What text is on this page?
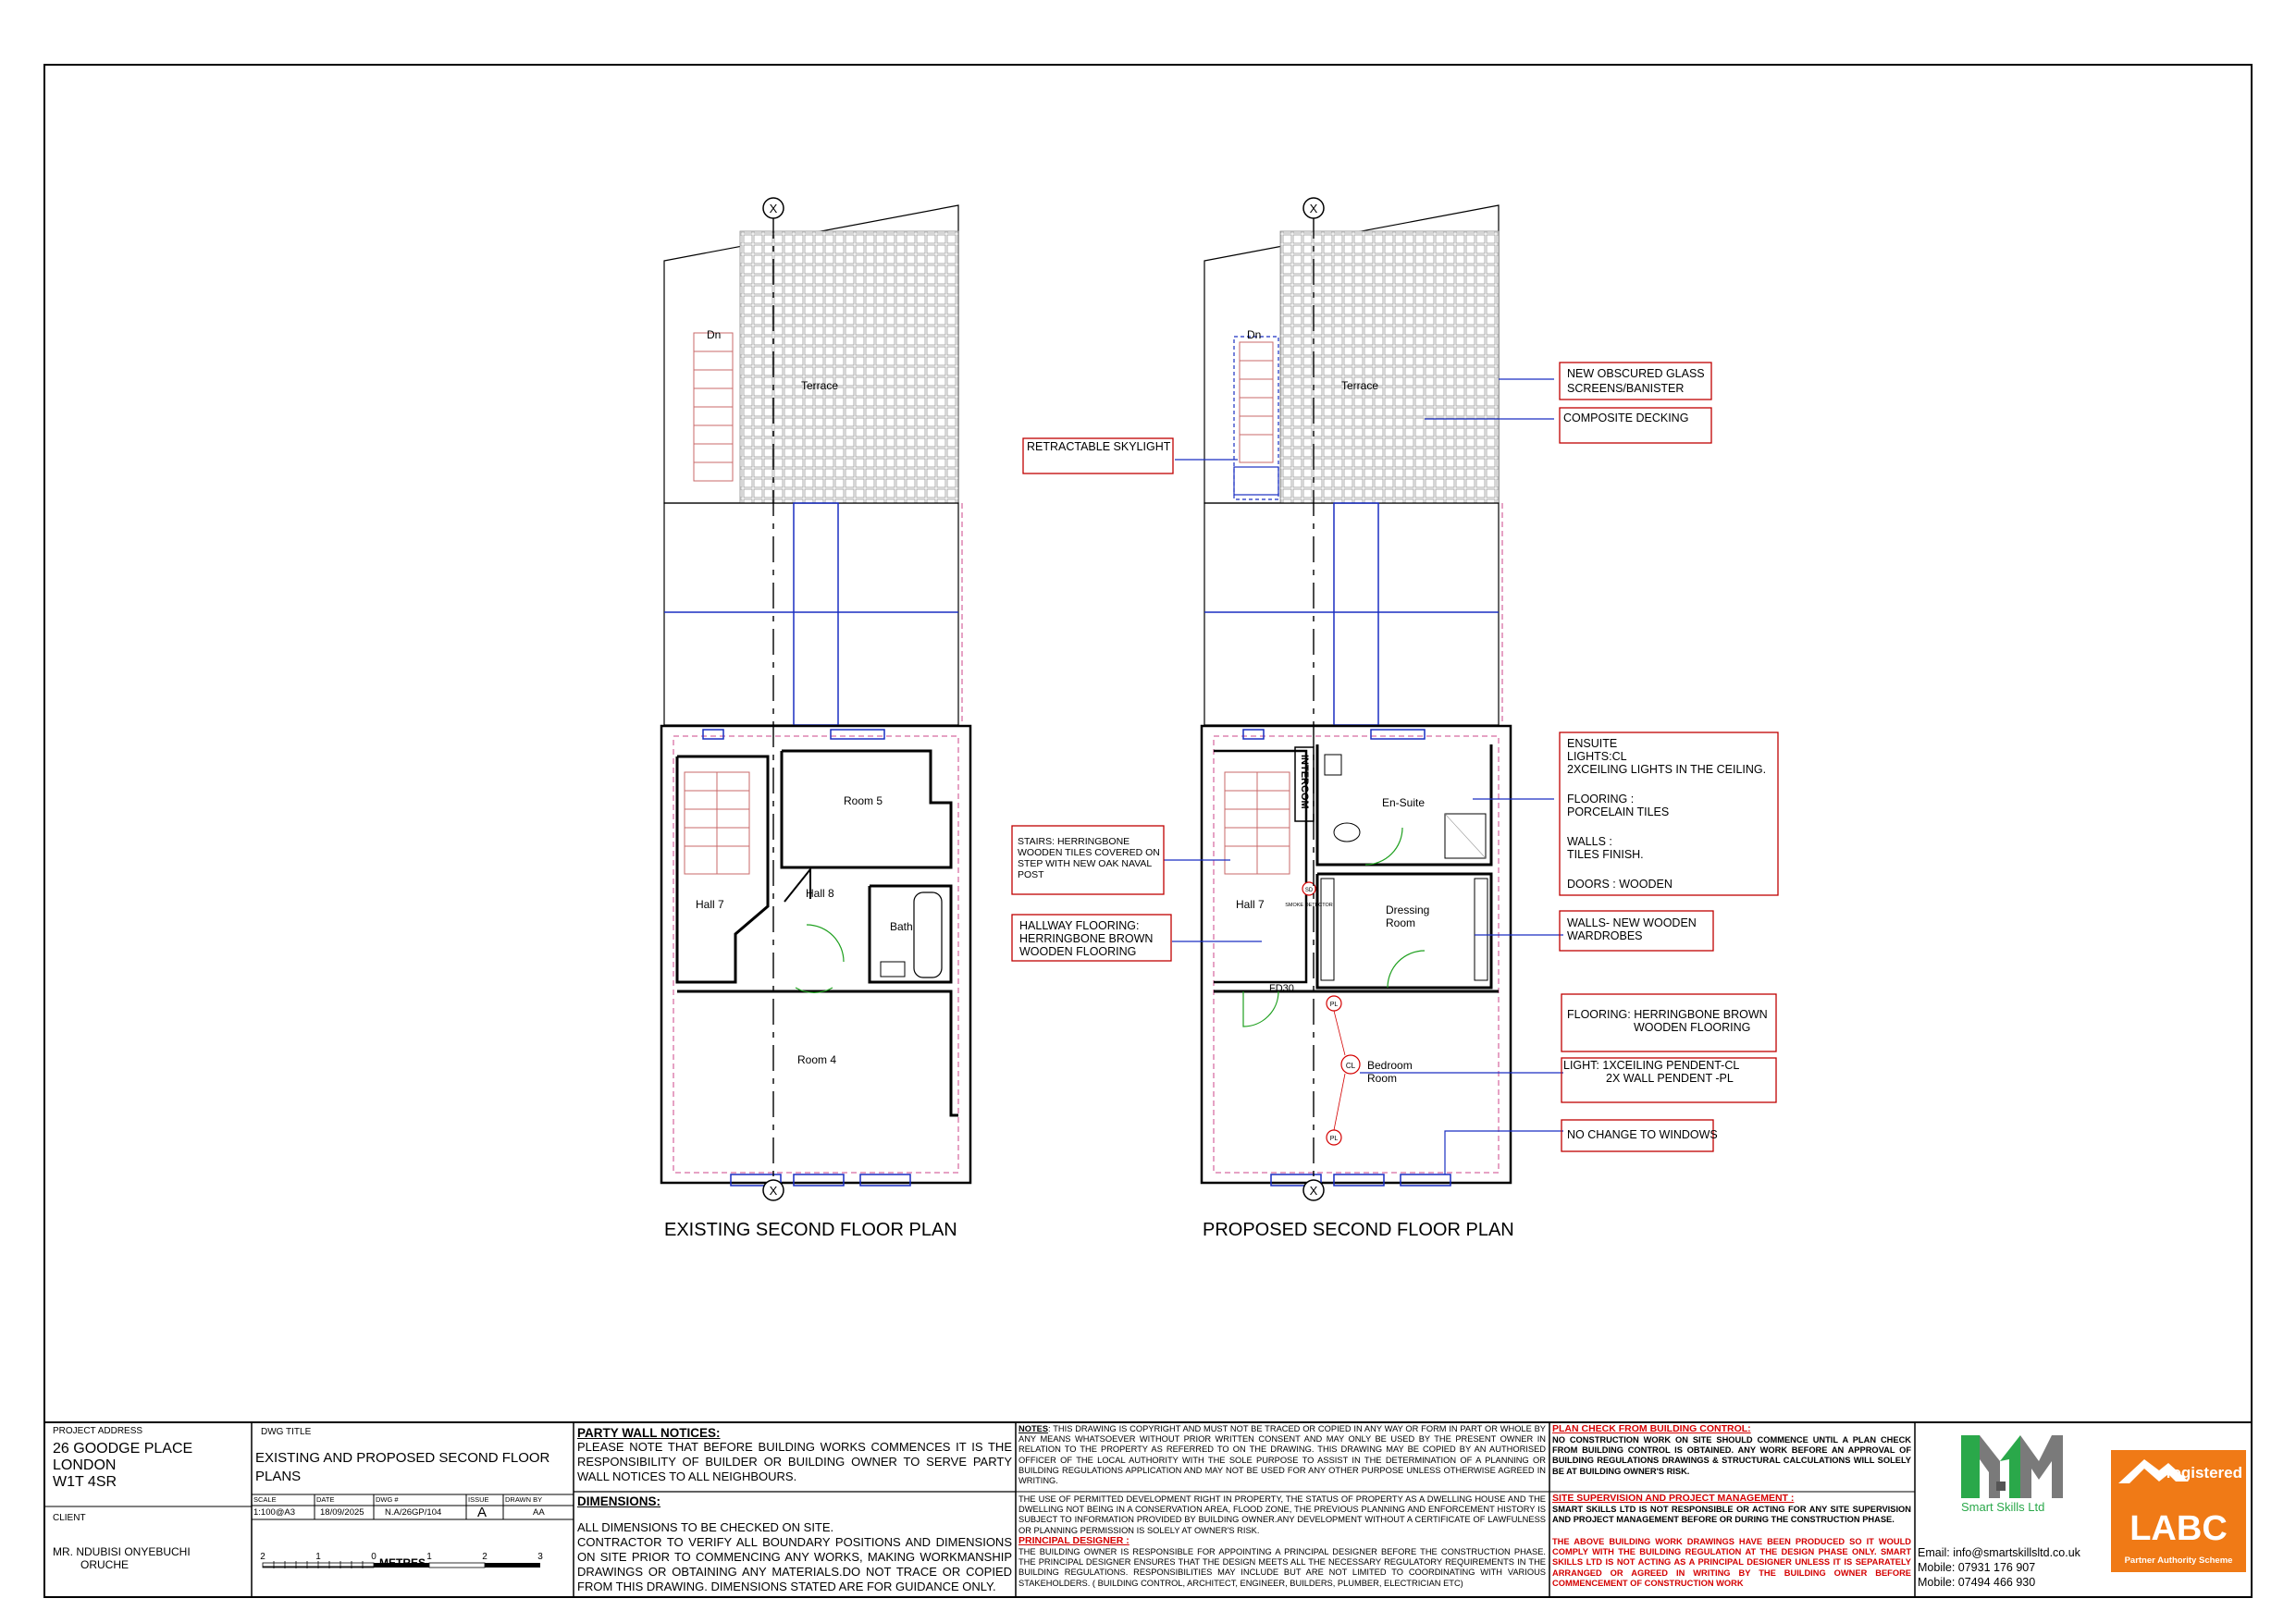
Dn
Terrace
X
X
Room 5
Hall 7
Hall 8
Bath
Room 4
EXISTING SECOND FLOOR PLAN
Dn
Terrace
SD
SMOKE DETECTOR
PL
CL
PL
X
X
INTERCOM	En-Suite
Hall 7	Dressing Room
FD30
Bedroom Room
PROPOSED SECOND FLOOR PLAN
NEW OBSCURED GLASS
SCREENS/BANISTER
COMPOSITE DECKING
RETRACTABLE SKYLIGHT
ENSUITE
LIGHTS:CL
2XCEILING LIGHTS IN THE CEILING.
FLOORING :
PORCELAIN TILES
WALLS :
TILES FINISH.
DOORS : WOODEN
STAIRS: HERRINGBONE
WOODEN TILES COVERED ON
STEP WITH NEW OAK NAVAL
POST
HALLWAY FLOORING:
HERRINGBONE BROWN
WOODEN FLOORING
WALLS- NEW WOODEN
WARDROBES
FLOORING: HERRINGBONE BROWN
WOODEN FLOORING
LIGHT: 1XCEILING PENDENT-CL
2X WALL PENDENT -PL
NO CHANGE TO WINDOWS
2	1	0	1	2	3
METRES
Smart Skills Ltd
registered
LABC
Partner Authority Scheme
PROJECT ADDRESS
26 GOODGE PLACE
LONDON
W1T 4SR
CLIENT
MR. NDUBISI ONYEBUCHI
ORUCHE
DWG TITLE
EXISTING AND PROPOSED SECOND FLOOR
PLANS
SCALE	DATE	DWG #	ISSUE	DRAWN BY
1:100@A3	18/09/2025	N.A/26GP/104	A	AA
PARTY WALL NOTICES:
PLEASE NOTE THAT BEFORE BUILDING WORKS COMMENCES IT IS THE RESPONSIBILITY OF BUILDER OR BUILDING OWNER TO SERVE PARTY WALL NOTICES TO ALL NEIGHBOURS.
DIMENSIONS:
ALL DIMENSIONS TO BE CHECKED ON SITE.
CONTRACTOR TO VERIFY ALL BOUNDARY POSITIONS AND DIMENSIONS ON SITE PRIOR TO COMMENCING ANY WORKS, MAKING WORKMANSHIP DRAWINGS OR OBTAINING ANY MATERIALS.DO NOT TRACE OR COPIED FROM THIS DRAWING. DIMENSIONS STATED ARE FOR GUIDANCE ONLY.
NOTES: THIS DRAWING IS COPYRIGHT AND MUST NOT BE TRACED OR COPIED IN ANY WAY OR FORM IN PART OR WHOLE BY ANY MEANS WHATSOEVER WITHOUT PRIOR WRITTEN CONSENT AND MAY ONLY BE USED BY THE PRESENT OWNER IN RELATION TO THE PROPERTY AS REFERRED TO ON THE DRAWING. THIS DRAWING MAY BE COPIED BY AN AUTHORISED OFFICER OF THE LOCAL AUTHORITY WITH THE SOLE PURPOSE TO ASSIST IN THE DETERMINATION OF A PLANNING OR BUILDING REGULATIONS APPLICATION AND MAY NOT BE USED FOR ANY OTHER PURPOSE UNLESS OTHERWISE AGREED IN WRITING.
THE USE OF PERMITTED DEVELOPMENT RIGHT IN PROPERTY, THE STATUS OF PROPERTY AS A DWELLING HOUSE AND THE DWELLING NOT BEING IN A CONSERVATION AREA, FLOOD ZONE, THE PREVIOUS PLANNING AND ENFORCEMENT HISTORY IS SUBJECT TO INFORMATION PROVIDED BY BUILDING OWNER.ANY DEVELOPMENT WITHOUT A CERTIFICATE OF LAWFULNESS OR PLANNING PERMISSION IS SOLELY AT OWNER'S RISK.
PRINCIPAL DESIGNER :
THE BUILDING OWNER IS RESPONSIBLE FOR APPOINTING A PRINCIPAL DESIGNER BEFORE THE CONSTRUCTION PHASE. THE PRINCIPAL DESIGNER ENSURES THAT THE DESIGN MEETS ALL THE NECESSARY REGULATORY REQUIREMENTS IN THE BUILDING REGULATIONS. RESPONSIBILITIES MAY INCLUDE BUT ARE NOT LIMITED TO COORDINATING WITH VARIOUS STAKEHOLDERS. ( BUILDING CONTROL, ARCHITECT, ENGINEER, BUILDERS, PLUMBER, ELECTRICIAN ETC)
PLAN CHECK FROM BUILDING CONTROL:
NO CONSTRUCTION WORK ON SITE SHOULD COMMENCE UNTIL A PLAN CHECK FROM BUILDING CONTROL IS OBTAINED. ANY WORK BEFORE AN APPROVAL OF BUILDING REGULATIONS DRAWINGS & STRUCTURAL CALCULATIONS WILL SOLELY BE AT BUILDING OWNER'S RISK.
SITE SUPERVISION AND PROJECT MANAGEMENT :
SMART SKILLS LTD IS NOT RESPONSIBLE OR ACTING FOR ANY SITE SUPERVISION AND PROJECT MANAGEMENT BEFORE OR DURING THE CONSTRUCTION PHASE.
THE ABOVE BUILDING WORK DRAWINGS HAVE BEEN PRODUCED SO IT WOULD COMPLY WITH THE BUILDING REGULATION AT THE DESIGN PHASE ONLY. SMART SKILLS LTD IS NOT ACTING AS A PRINCIPAL DESIGNER UNLESS IT IS SEPARATELY ARRANGED OR AGREED IN WRITING BY THE BUILDING OWNER BEFORE COMMENCEMENT OF CONSTRUCTION WORK
Email: info@smartskillsltd.co.uk
Mobile: 07931 176 907
Mobile: 07494 466 930
